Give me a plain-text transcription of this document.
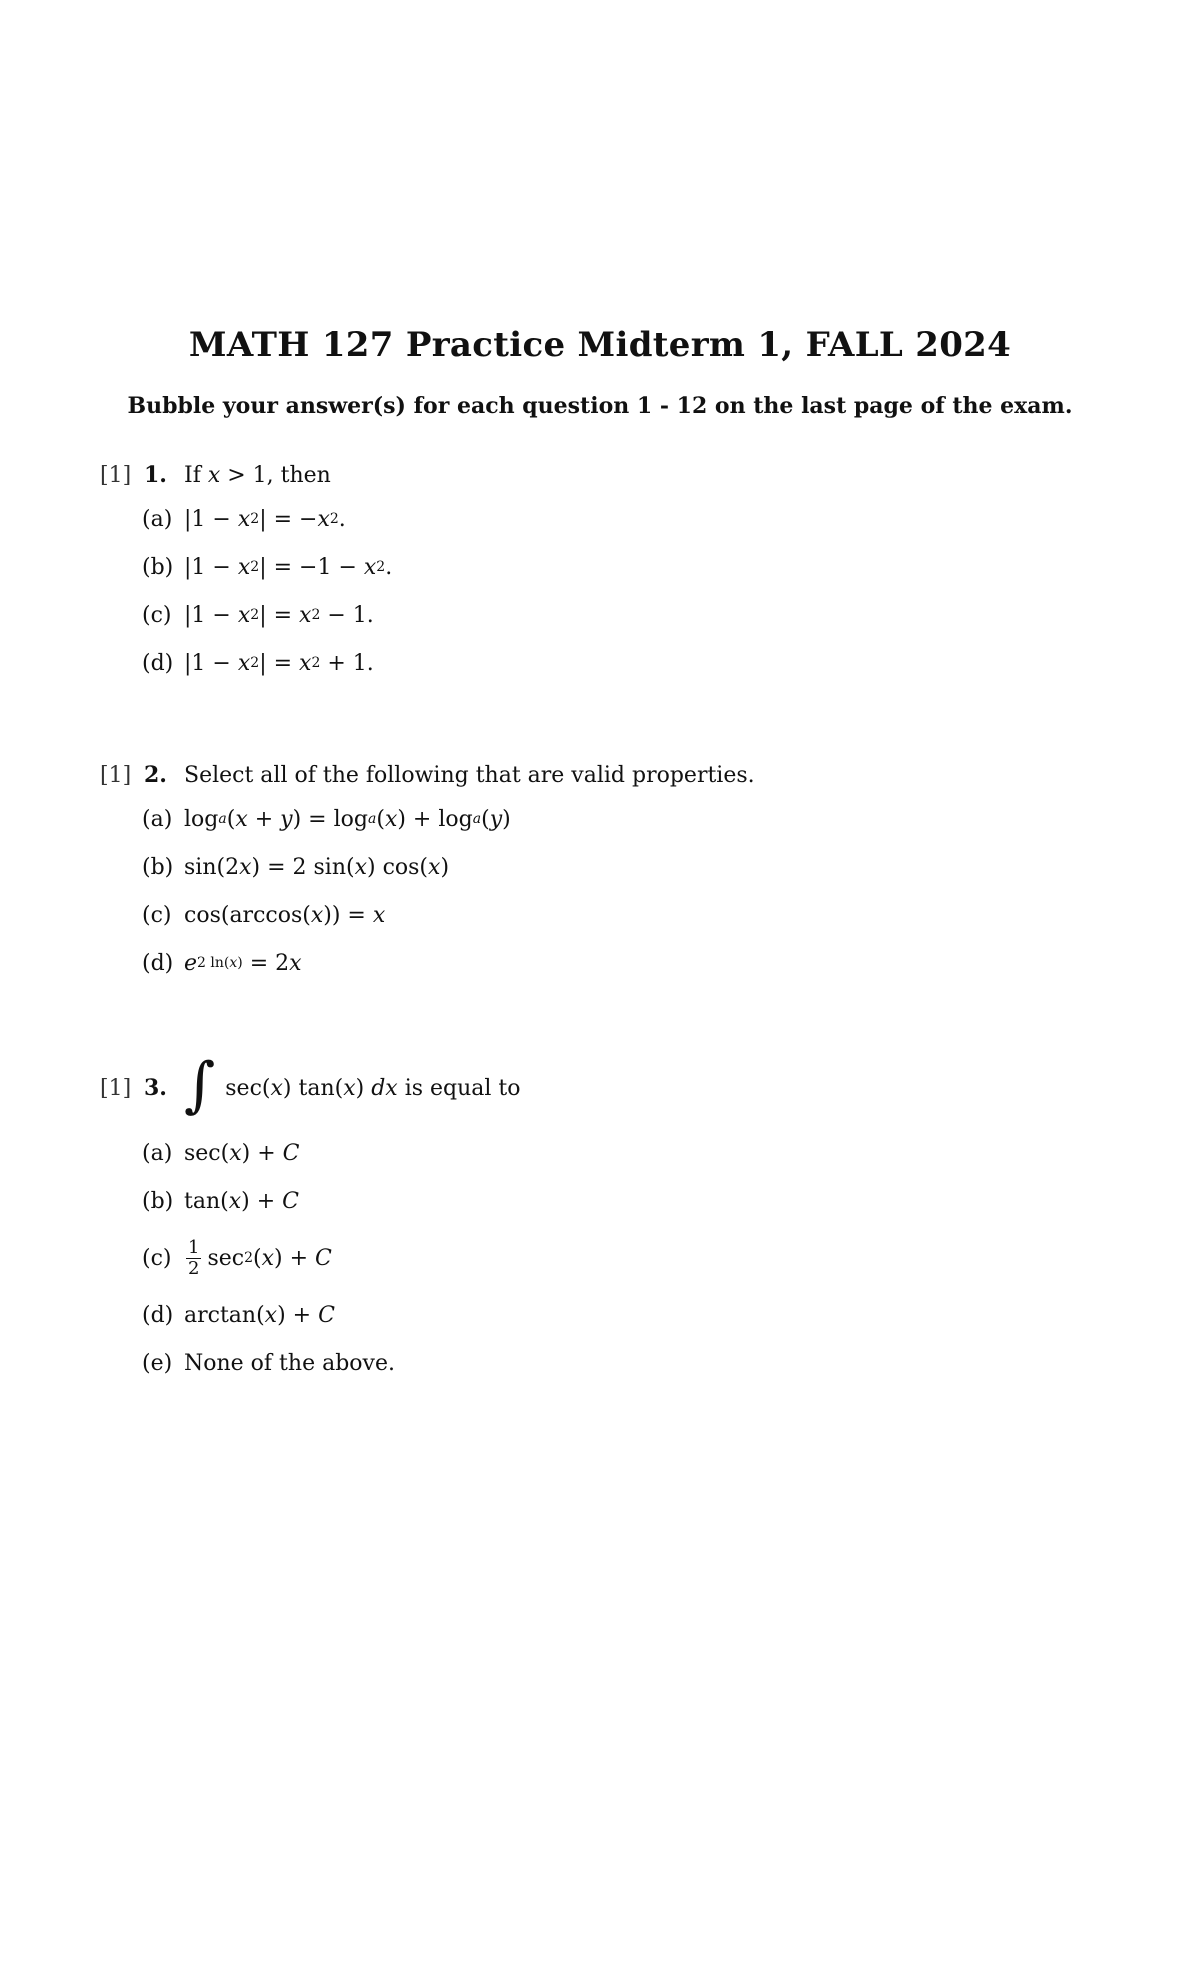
MATH 127 Practice Midterm 1, FALL 2024
Bubble your answer(s) for each question 1 - 12 on the last page of the exam.
[1] 1. If x > 1, then
(a) |1 − x 2 | = − x 2 .
(b) |1 − x 2 | = −1 − x 2 .
(c) |1 − x 2 | = x 2 − 1.
(d) |1 − x 2 | = x 2 + 1.
[1] 2. Select all of the following that are valid properties.
(a) log a ( x + y ) = log a ( x ) + log a ( y )
(b) sin(2 x ) = 2 sin( x ) cos( x )
(c) cos(arccos( x )) = x
(d) e 2 ln(x) = 2 x
[1] 3. ∫ sec( x ) tan( x ) dx is equal to
(a) sec( x ) + C
(b) tan( x ) + C
$(c) \frac{1}{2}$ sec 2 ( x ) + C
(d) arctan( x ) + C
(e) None of the above.
